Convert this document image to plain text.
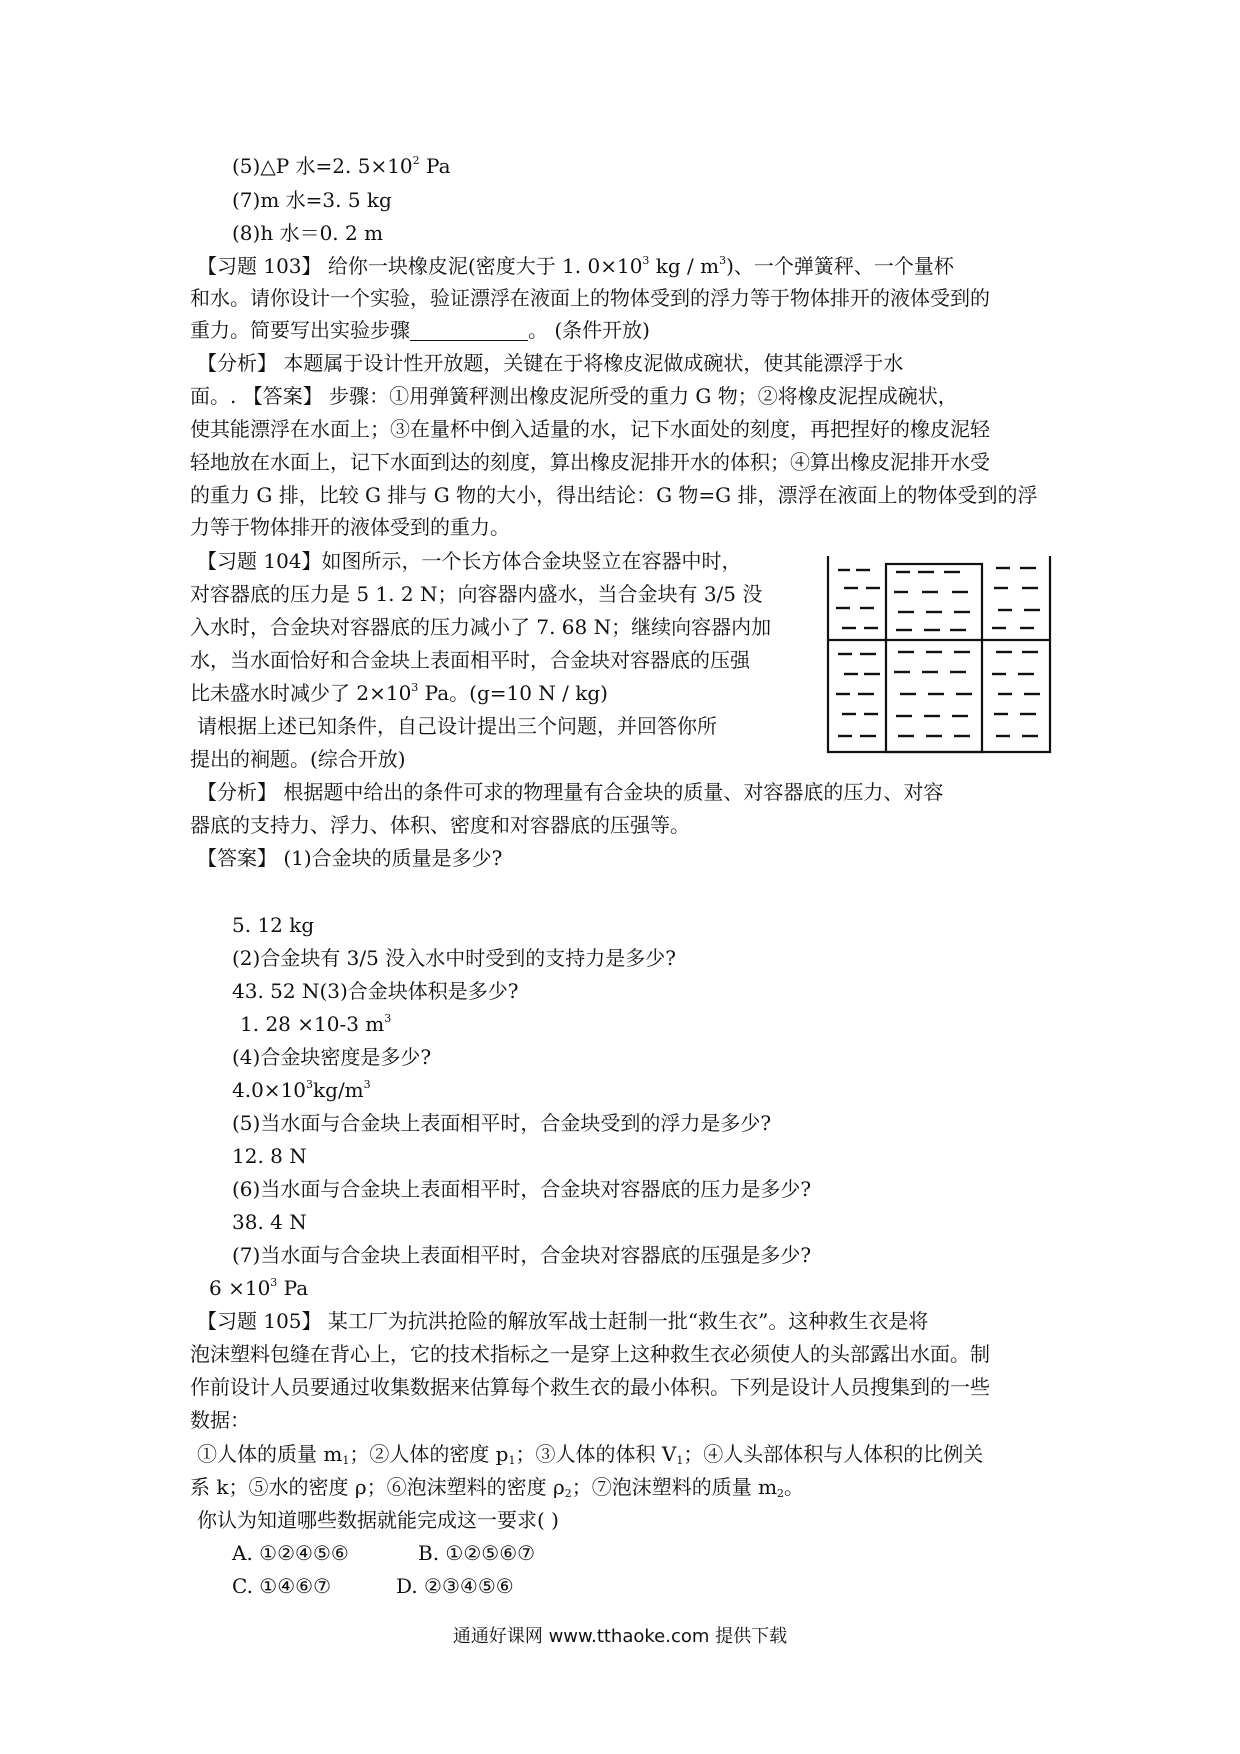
(5)△P 水=2. $5\times 10^2$ Pa
(7)m 水=3. 5 kg
(8)h 水＝0. 2 m
【习题 103】 给你一块橡皮泥(密度大于 1. $0\times 10^3$ kg / $m^3$)、一个弹簧秤、一个量杯
和水。请你设计一个实验，验证漂浮在液面上的物体受到的浮力等于物体排开的液体受到的
重力。简要写出实验步骤	。 (条件开放)
【分析】 本题属于设计性开放题，关键在于将橡皮泥做成碗状，使其能漂浮于水
面。. 【答案】 步骤：①用弹簧秤测出橡皮泥所受的重力 G 物；②将橡皮泥捏成碗状，
使其能漂浮在水面上；③在量杯中倒入适量的水，记下水面处的刻度，再把捏好的橡皮泥轻
轻地放在水面上，记下水面到达的刻度，算出橡皮泥排开水的体积；④算出橡皮泥排开水受
的重力 G 排，比较 G 排与 G 物的大小，得出结论：G 物=G 排，漂浮在液面上的物体受到的浮
力等于物体排开的液体受到的重力。
【习题 104】如图所示，一个长方体合金块竖立在容器中时，
对容器底的压力是 5 1. 2 N；向容器内盛水，当合金块有 3/5 没
入水时，合金块对容器底的压力减小了 7. 68 N；继续向容器内加
水，当水面恰好和合金块上表面相平时，合金块对容器底的压强
比未盛水时减少了 $2\times 10^3$ Pa。(g=10 N / kg)
请根据上述已知条件，自己设计提出三个问题，并回答你所
提出的裥题。(综合开放)
【分析】 根据题中给出的条件可求的物理量有合金块的质量、对容器底的压力、对容
器底的支持力、浮力、体积、密度和对容器底的压强等。
【答案】 (1)合金块的质量是多少?
5. 12 kg
(2)合金块有 3/5 没入水中时受到的支持力是多少?
43. 52 N(3)合金块体积是多少?
1. 28 ×10-3 $m^3$
(4)合金块密度是多少?
$4.0\times 10^3kg/m^3$
(5)当水面与合金块上表面相平时，合金块受到的浮力是多少?
12. 8 N
(6)当水面与合金块上表面相平时，合金块对容器底的压力是多少?
38. 4 N
(7)当水面与合金块上表面相平时，合金块对容器底的压强是多少?
$6 \times 10^3$ Pa
【习题 105】 某工厂为抗洪抢险的解放军战士赶制一批“救生衣”。这种救生衣是将
泡沫塑料包缝在背心上，它的技术指标之一是穿上这种救生衣必须使人的头部露出水面。制
作前设计人员要通过收集数据来估算每个救生衣的最小体积。下列是设计人员搜集到的一些
数据：
①人体的质量 $m_1$；②人体的密度 $p_1$；③人体的体积 $V_1$；④人头部体积与人体积的比例关
系 k；⑤水的密度 ρ；⑥泡沫塑料的密度 $\rho_2$；⑦泡沫塑料的质量 $m_2$。
你认为知道哪些数据就能完成这一要求( )
A. ①②④⑤⑥	B. ①②⑤⑥⑦
C. ①④⑥⑦	D. ②③④⑤⑥
通通好课网 www.tthaoke.com 提供下载
